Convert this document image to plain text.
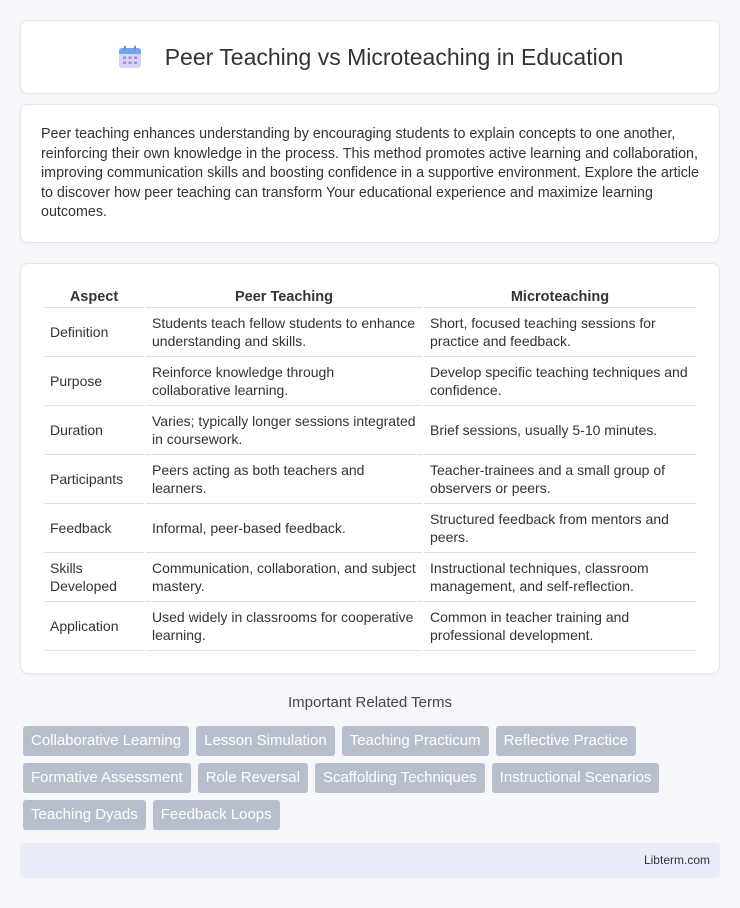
Peer Teaching vs Microteaching in Education

Peer teaching enhances understanding by encouraging students to explain concepts to one another, reinforcing their own knowledge in the process. This method promotes active learning and collaboration, improving communication skills and boosting confidence in a supportive environment. Explore the article to discover how peer teaching can transform Your educational experience and maximize learning outcomes.

Aspect	Peer Teaching	Microteaching
Definition	Students teach fellow students to enhance understanding and skills.	Short, focused teaching sessions for practice and feedback.
Purpose	Reinforce knowledge through collaborative learning.	Develop specific teaching techniques and confidence.
Duration	Varies; typically longer sessions integrated in coursework.	Brief sessions, usually 5-10 minutes.
Participants	Peers acting as both teachers and learners.	Teacher-trainees and a small group of observers or peers.
Feedback	Informal, peer-based feedback.	Structured feedback from mentors and peers.
Skills Developed	Communication, collaboration, and subject mastery.	Instructional techniques, classroom management, and self-reflection.
Application	Used widely in classrooms for cooperative learning.	Common in teacher training and professional development.
Important Related Terms
Collaborative Learning	Lesson Simulation	Teaching Practicum	Reflective Practice
Formative Assessment	Role Reversal	Scaffolding Techniques	Instructional Scenarios
Teaching Dyads	Feedback Loops
Libterm.com
